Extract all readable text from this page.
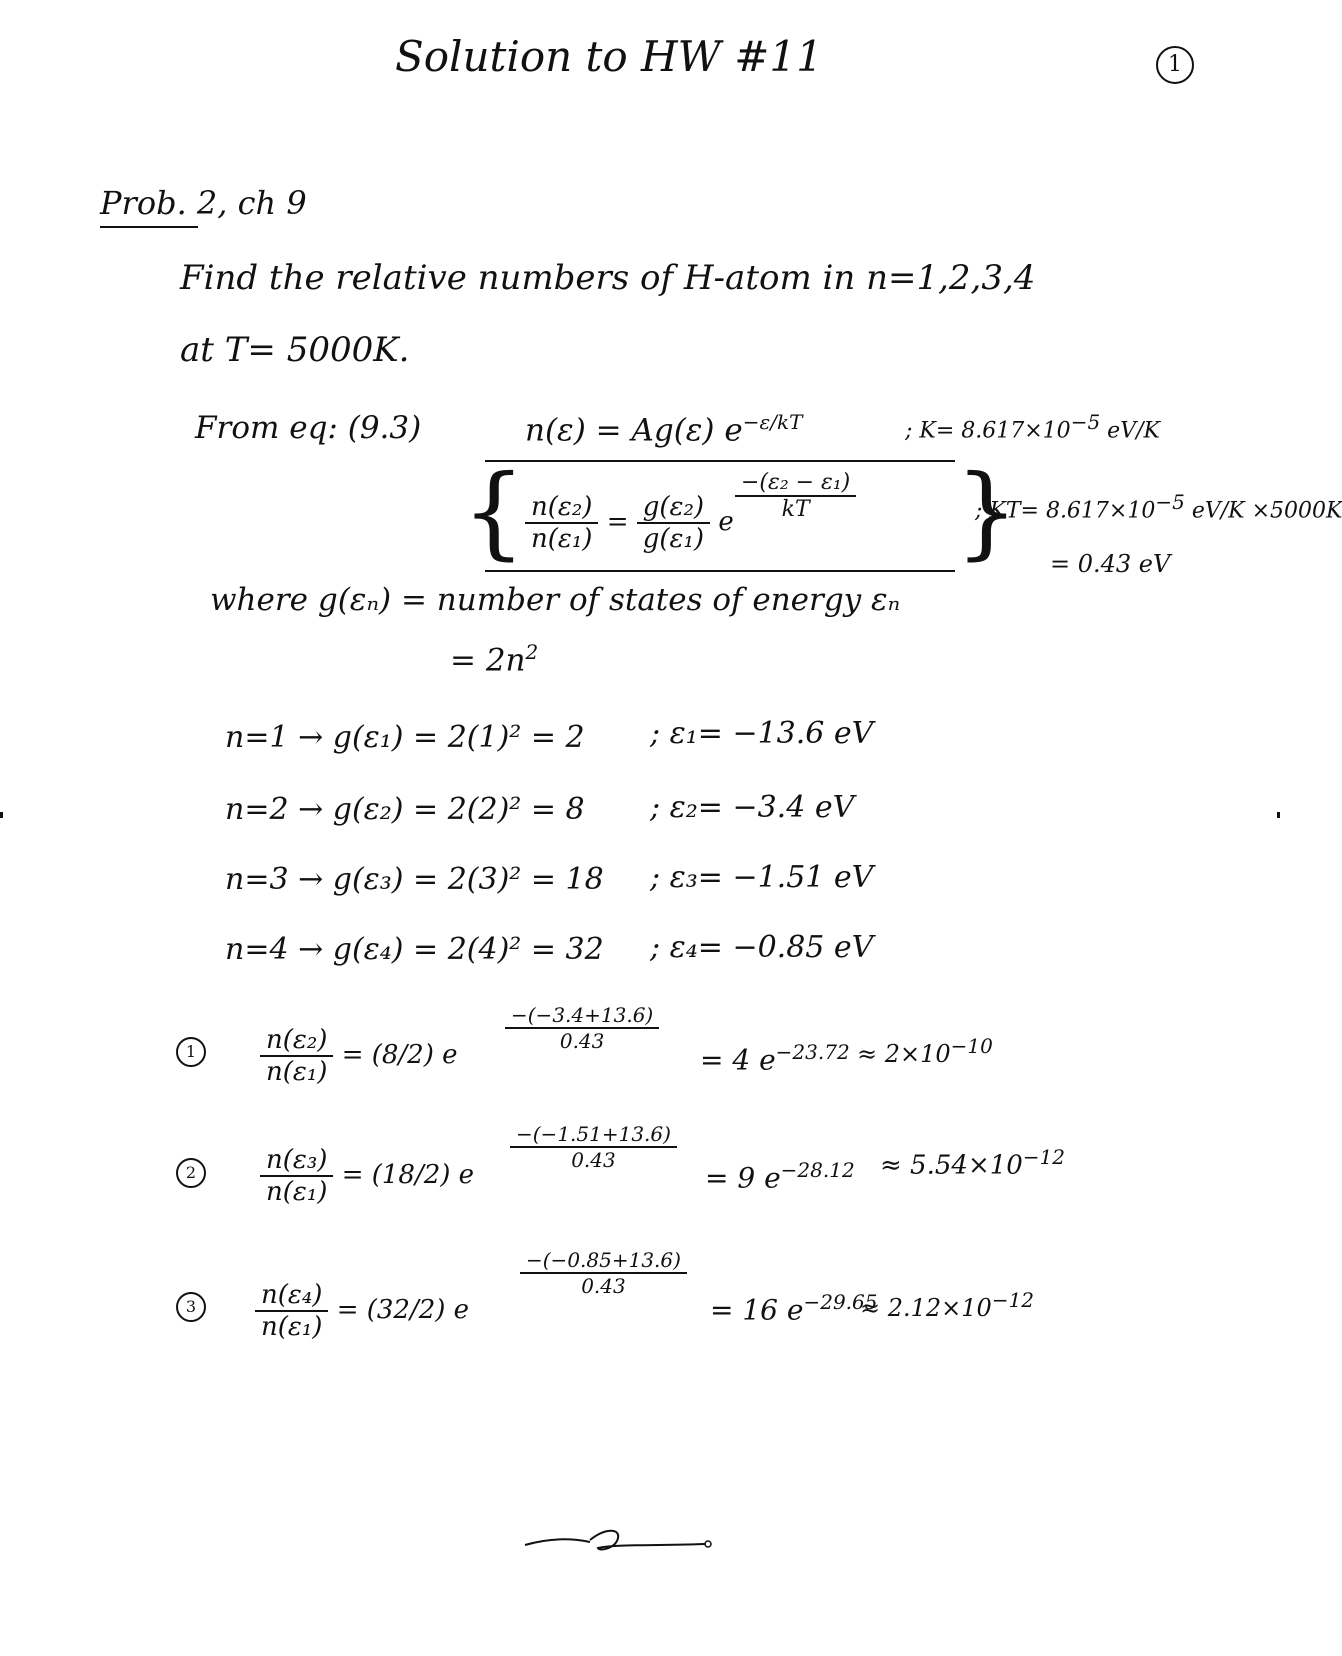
Solution to HW #11	1
Prob. 2, ch 9
Find the relative numbers of H-atom in n=1,2,3,4
at T= 5000K.
From eq: (9.3)	n(ε) = Ag(ε) $e^{-\varepsilon/kT}$	; K= 8.617×10−5 eV/K
{	}
$\frac{\text{n(ε₂)}}{\text{n(ε₁)}} = \frac{\text{g(ε₂)}}{\text{g(ε₁)}}$ e $\frac{\text{−(ε₂ − ε₁)}}{kT}$	; KT= 8.617×10−5 eV/K ×5000K
= 0.43 eV
where g(εₙ) = number of states of energy εₙ
= $2n^2$
n=1 → g(ε₁) = 2(1)² = 2 ; ε₁= −13.6 eV
n=2 → g(ε₂) = 2(2)² = 8 ; ε₂= −3.4 eV
n=3 → g(ε₃) = 2(3)² = 18 ; ε₃= −1.51 eV
n=4 → g(ε₄) = 2(4)² = 32 ; ε₄= −0.85 eV
1	$\frac{\text{n(ε₂)}}{\text{n(ε₁)}} = (8/2)$ e
$\frac{-(-3.4+13.6)}{0.43}$
= 4 $e^{-23.72} \approx 2\times 10^{-10}$
2	$\frac{\text{n(ε₃)}}{\text{n(ε₁)}} = (18/2)$ e
$\frac{-(-1.51+13.6)}{0.43}$
= 9 $e^{-28.12} \approx 5.54\times 10^{-12}$
3	$\frac{\text{n(ε₄)}}{\text{n(ε₁)}} = (32/2)$ e
$\frac{-(-0.85+13.6)}{0.43}$
= 16 $e^{-29.65}$
≈ $2.12\times 10^{-12}$
